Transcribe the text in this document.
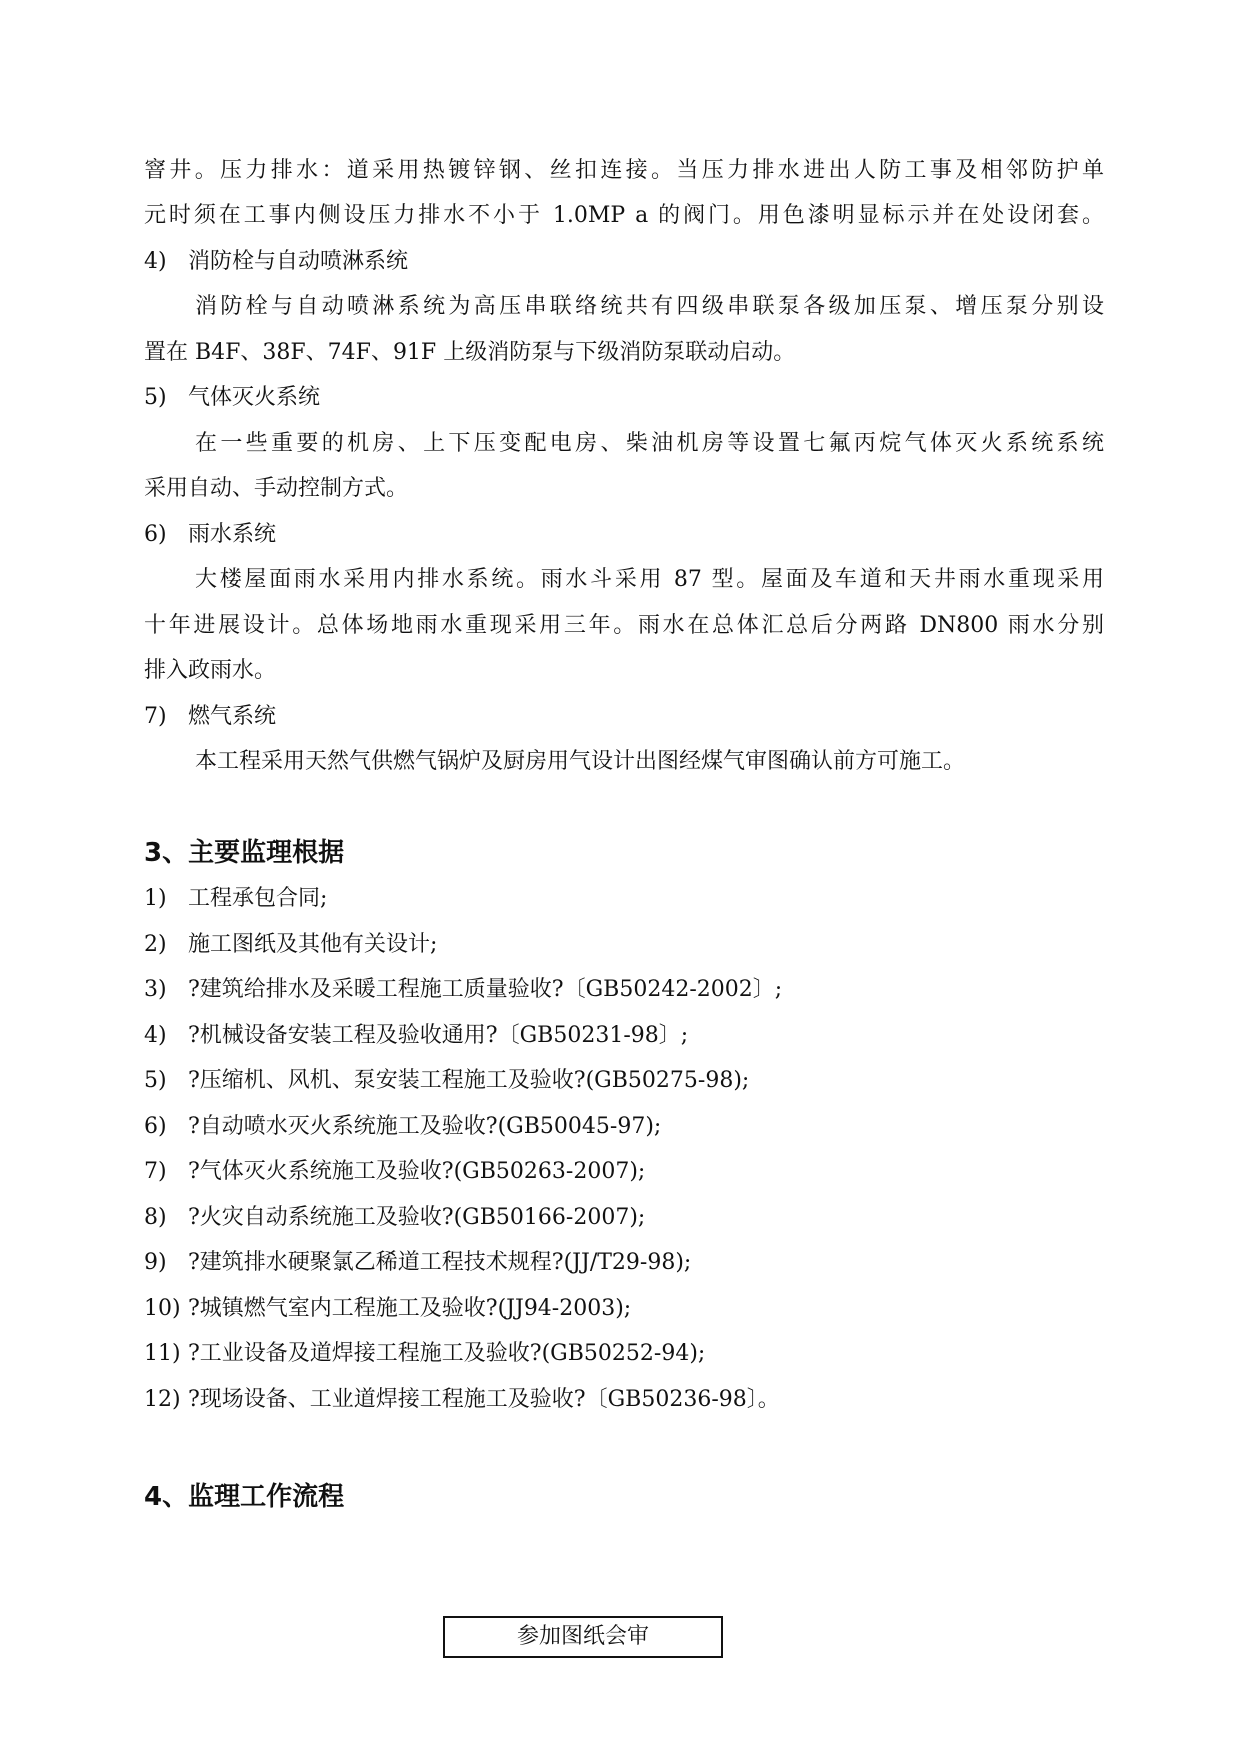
窨井。压力排水：道采用热镀锌钢、丝扣连接。当压力排水进出人防工事及相邻防护单
元时须在工事内侧设压力排水不小于 1.0MP a 的阀门。用色漆明显标示并在处设闭套。
4) 消防栓与自动喷淋系统
消防栓与自动喷淋系统为高压串联络统共有四级串联泵各级加压泵、增压泵分别设
置在 B4F、38F、74F、91F 上级消防泵与下级消防泵联动启动。
5) 气体灭火系统
在一些重要的机房、上下压变配电房、柴油机房等设置七氟丙烷气体灭火系统系统
采用自动、手动控制方式。
6) 雨水系统
大楼屋面雨水采用内排水系统。雨水斗采用 87 型。屋面及车道和天井雨水重现采用
十年进展设计。总体场地雨水重现采用三年。雨水在总体汇总后分两路 DN800 雨水分别
排入政雨水。
7) 燃气系统
本工程采用天然气供燃气锅炉及厨房用气设计出图经煤气审图确认前方可施工。
3、主要监理根据
1) 工程承包合同;
2) 施工图纸及其他有关设计;
3) ?建筑给排水及采暖工程施工质量验收?〔GB50242-2002〕;
4) ?机械设备安装工程及验收通用?〔GB50231-98〕;
5) ?压缩机、风机、泵安装工程施工及验收?(GB50275-98);
6) ?自动喷水灭火系统施工及验收?(GB50045-97);
7) ?气体灭火系统施工及验收?(GB50263-2007);
8) ?火灾自动系统施工及验收?(GB50166-2007);
9) ?建筑排水硬聚氯乙稀道工程技术规程?(JJ/T29-98);
10) ?城镇燃气室内工程施工及验收?(JJ94-2003);
11) ?工业设备及道焊接工程施工及验收?(GB50252-94);
12) ?现场设备、工业道焊接工程施工及验收?〔GB50236-98〕。
4、监理工作流程
参加图纸会审
